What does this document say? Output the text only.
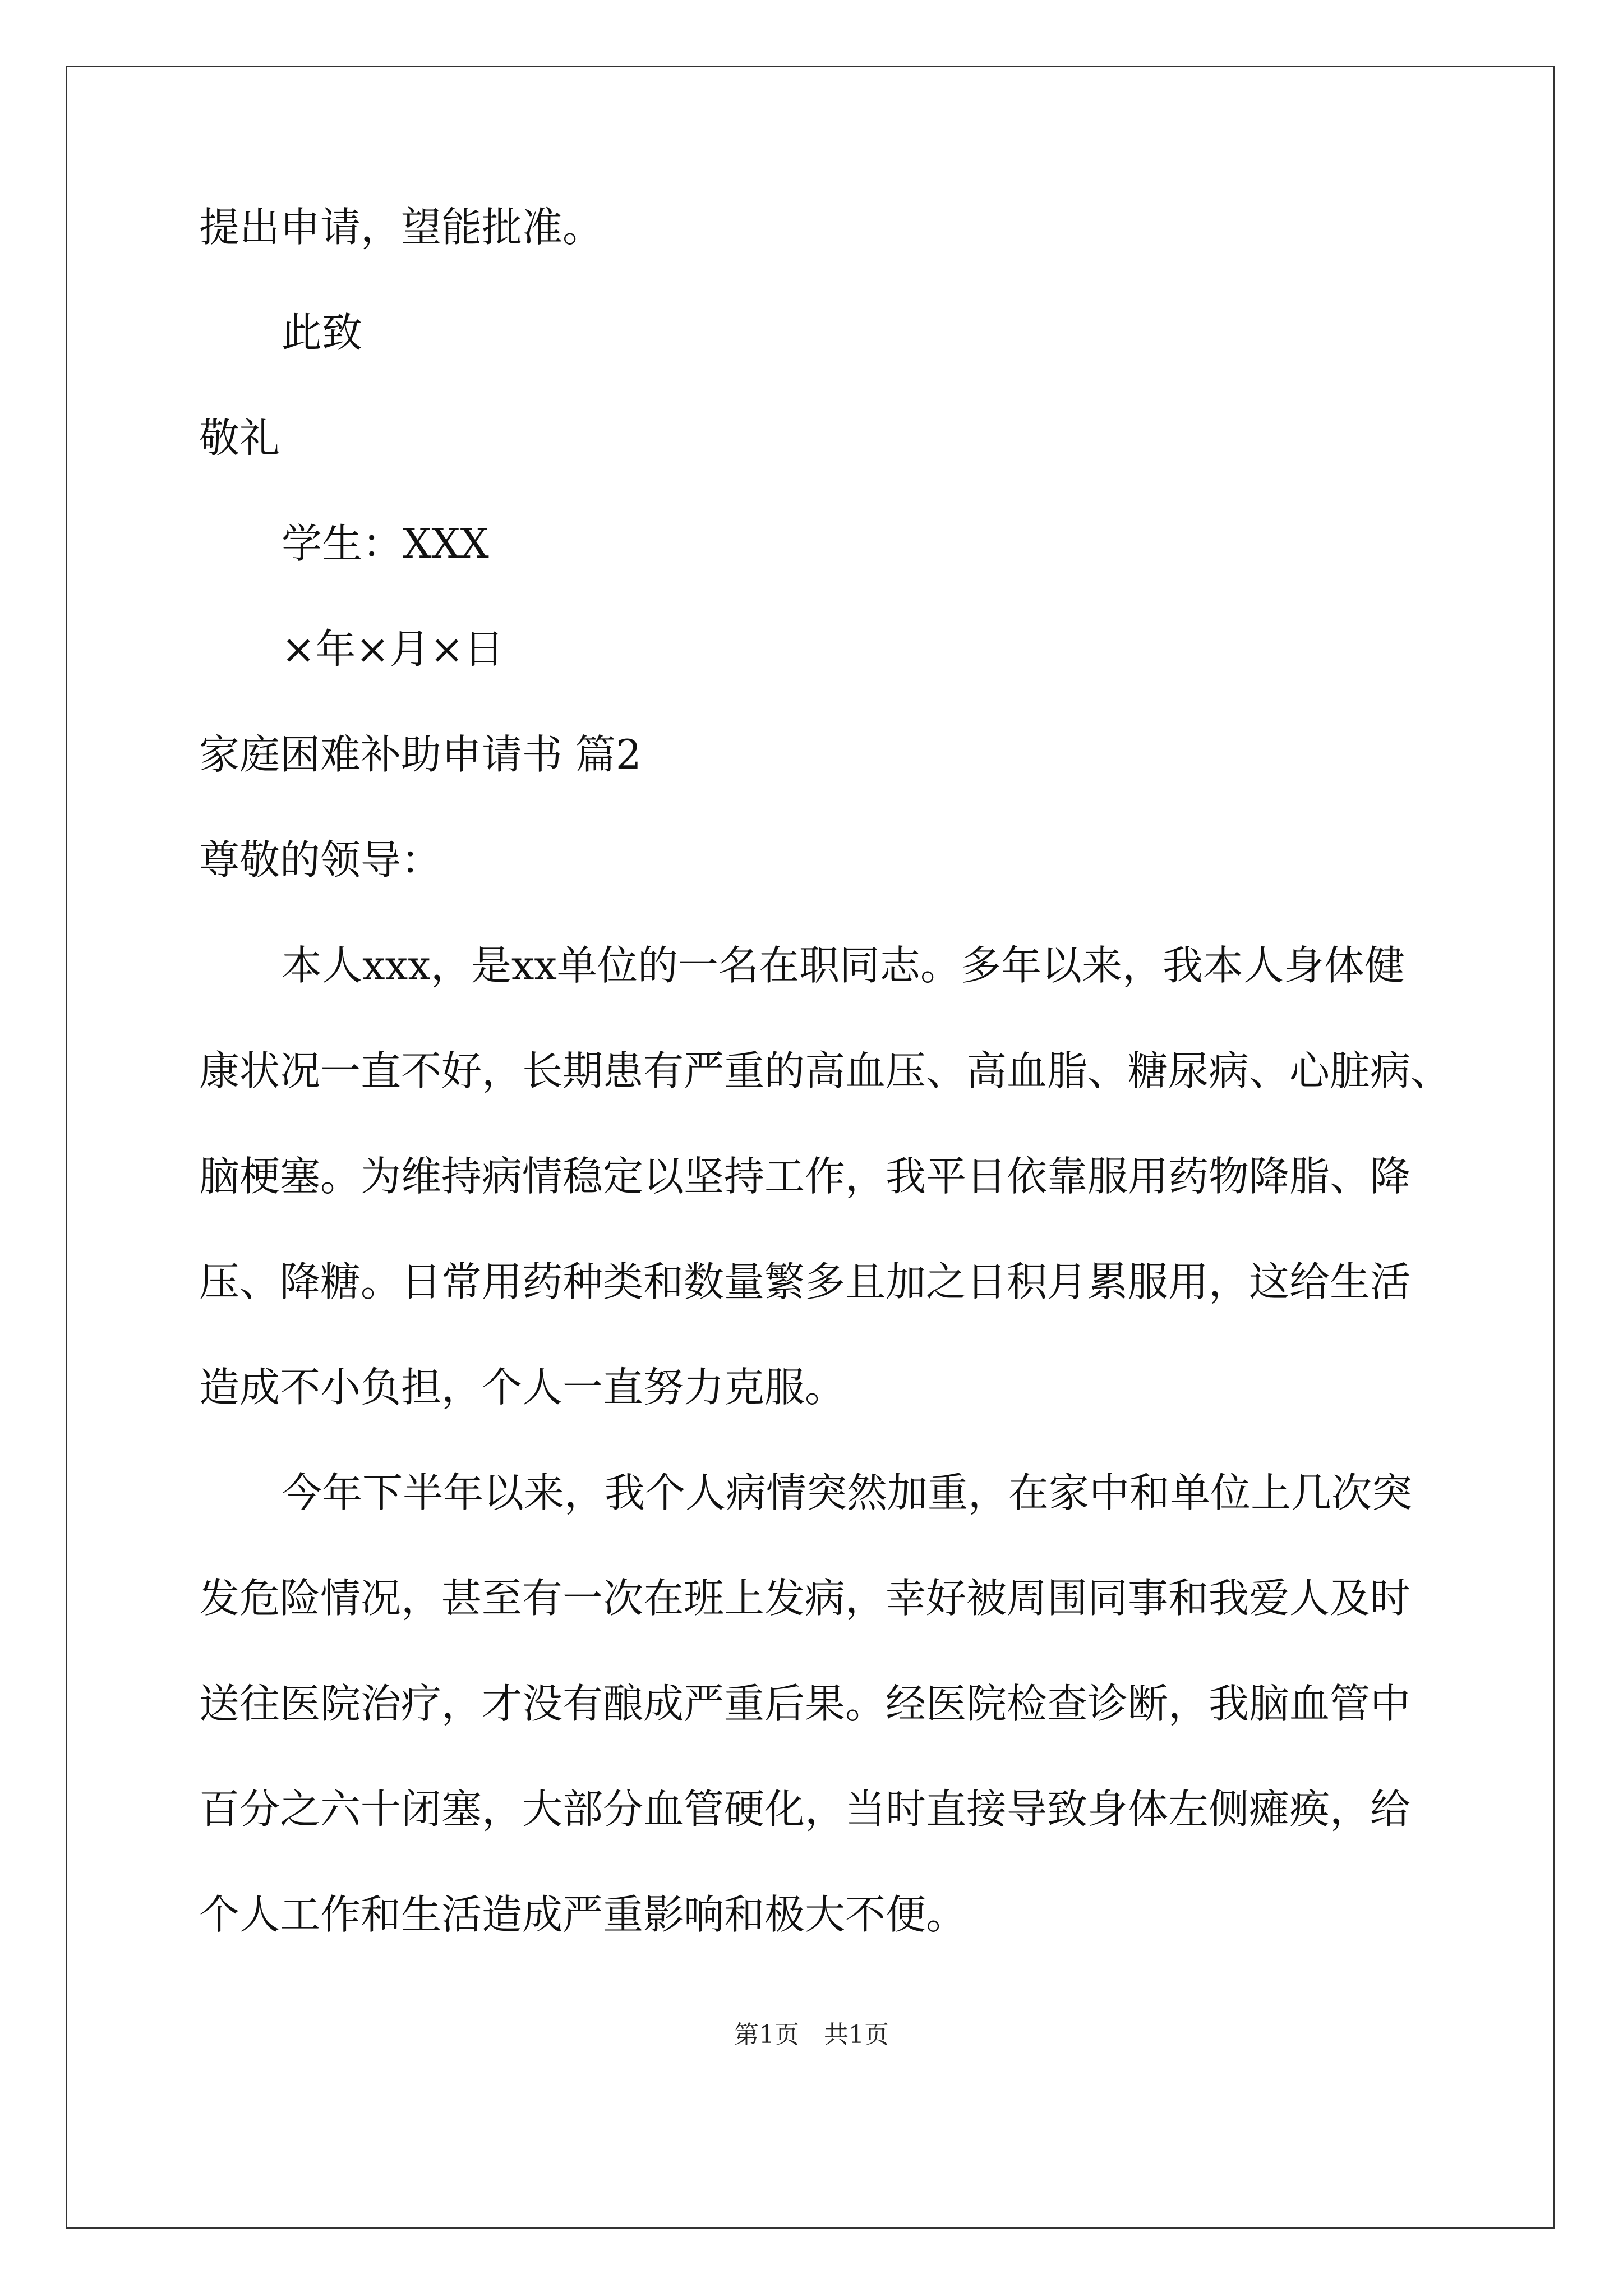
提出申请，望能批准。
此致
敬礼
学生：XXX
×年×月×日
家庭困难补助申请书 篇2
尊敬的领导：
本人xxx，是xx单位的一名在职同志。多年以来，我本人身体健
康状况一直不好，长期患有严重的高血压、高血脂、糖尿病、心脏病、
脑梗塞。为维持病情稳定以坚持工作，我平日依靠服用药物降脂、降
压、降糖。日常用药种类和数量繁多且加之日积月累服用，这给生活
造成不小负担，个人一直努力克服。
今年下半年以来，我个人病情突然加重，在家中和单位上几次突
发危险情况，甚至有一次在班上发病，幸好被周围同事和我爱人及时
送往医院治疗，才没有酿成严重后果。经医院检查诊断，我脑血管中
百分之六十闭塞，大部分血管硬化，当时直接导致身体左侧瘫痪，给
个人工作和生活造成严重影响和极大不便。
第1页　共1页
